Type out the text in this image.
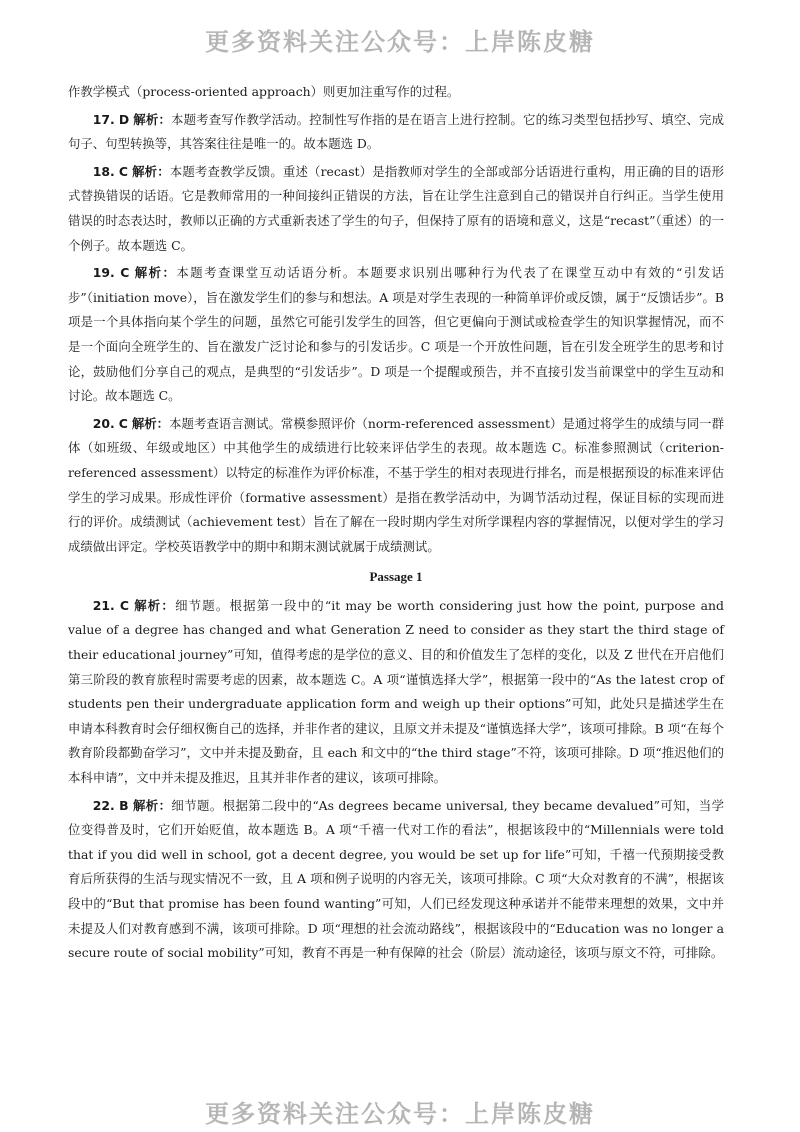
更多资料关注公众号：上岸陈皮糖

作教学模式（process-oriented approach）则更加注重写作的过程。

17. D 解析：本题考查写作教学活动。控制性写作指的是在语言上进行控制。它的练习类型包括抄写、填空、完成句子、句型转换等，其答案往往是唯一的。故本题选 D。

18. C 解析：本题考查教学反馈。重述（recast）是指教师对学生的全部或部分话语进行重构，用正确的目的语形式替换错误的话语。它是教师常用的一种间接纠正错误的方法，旨在让学生注意到自己的错误并自行纠正。当学生使用错误的时态表达时，教师以正确的方式重新表述了学生的句子，但保持了原有的语境和意义，这是“recast”（重述）的一个例子。故本题选 C。

19. C 解析：本题考查课堂互动话语分析。本题要求识别出哪种行为代表了在课堂互动中有效的“引发话步”（initiation move），旨在激发学生们的参与和想法。A 项是对学生表现的一种简单评价或反馈，属于“反馈话步”。B 项是一个具体指向某个学生的问题，虽然它可能引发学生的回答，但它更偏向于测试或检查学生的知识掌握情况，而不是一个面向全班学生的、旨在激发广泛讨论和参与的引发话步。C 项是一个开放性问题，旨在引发全班学生的思考和讨论，鼓励他们分享自己的观点，是典型的“引发话步”。D 项是一个提醒或预告，并不直接引发当前课堂中的学生互动和讨论。故本题选 C。

20. C 解析：本题考查语言测试。常模参照评价（norm-referenced assessment）是通过将学生的成绩与同一群体（如班级、年级或地区）中其他学生的成绩进行比较来评估学生的表现。故本题选 C。标准参照测试（criterion-referenced assessment）以特定的标准作为评价标准，不基于学生的相对表现进行排名，而是根据预设的标准来评估学生的学习成果。形成性评价（formative assessment）是指在教学活动中，为调节活动过程，保证目标的实现而进行的评价。成绩测试（achievement test）旨在了解在一段时期内学生对所学课程内容的掌握情况，以便对学生的学习成绩做出评定。学校英语教学中的期中和期末测试就属于成绩测试。

Passage 1

21. C 解析：细节题。根据第一段中的“it may be worth considering just how the point, purpose and value of a degree has changed and what Generation Z need to consider as they start the third stage of their educational journey”可知，值得考虑的是学位的意义、目的和价值发生了怎样的变化，以及 Z 世代在开启他们第三阶段的教育旅程时需要考虑的因素，故本题选 C。A 项“谨慎选择大学”，根据第一段中的“As the latest crop of students pen their undergraduate application form and weigh up their options”可知，此处只是描述学生在申请本科教育时会仔细权衡自己的选择，并非作者的建议，且原文并未提及“谨慎选择大学”，该项可排除。B 项“在每个教育阶段都勤奋学习”，文中并未提及勤奋，且 each 和文中的“the third stage”不符，该项可排除。D 项“推迟他们的本科申请”，文中并未提及推迟，且其并非作者的建议，该项可排除。

22. B 解析：细节题。根据第二段中的“As degrees became universal, they became devalued”可知，当学位变得普及时，它们开始贬值，故本题选 B。A 项“千禧一代对工作的看法”，根据该段中的“Millennials were told that if you did well in school, got a decent degree, you would be set up for life”可知，千禧一代预期接受教育后所获得的生活与现实情况不一致，且 A 项和例子说明的内容无关，该项可排除。C 项“大众对教育的不满”，根据该段中的“But that promise has been found wanting”可知，人们已经发现这种承诺并不能带来理想的效果，文中并未提及人们对教育感到不满，该项可排除。D 项“理想的社会流动路线”，根据该段中的“Education was no longer a secure route of social mobility”可知，教育不再是一种有保障的社会（阶层）流动途径，该项与原文不符，可排除。

更多资料关注公众号：上岸陈皮糖
